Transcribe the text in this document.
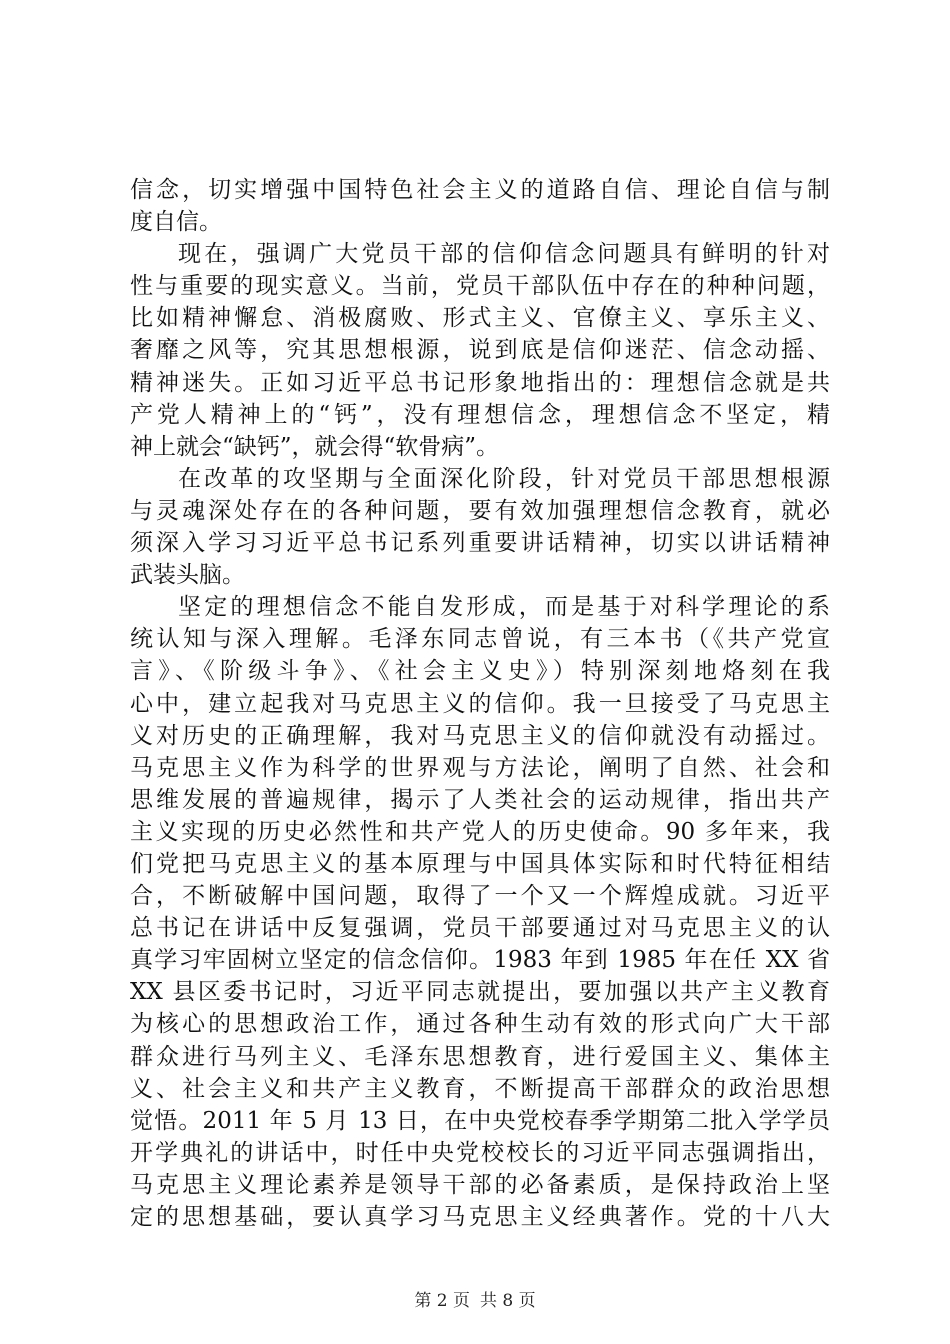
信念，切实增强中国特色社会主义的道路自信、理论自信与制
度自信。
现在，强调广大党员干部的信仰信念问题具有鲜明的针对
性与重要的现实意义。当前，党员干部队伍中存在的种种问题，
比如精神懈怠、消极腐败、形式主义、官僚主义、享乐主义、
奢靡之风等，究其思想根源，说到底是信仰迷茫、信念动摇、
精神迷失。正如习近平总书记形象地指出的：理想信念就是共
产党人精神上的“钙”，没有理想信念，理想信念不坚定，精
神上就会“缺钙”，就会得“软骨病”。
在改革的攻坚期与全面深化阶段，针对党员干部思想根源
与灵魂深处存在的各种问题，要有效加强理想信念教育，就必
须深入学习习近平总书记系列重要讲话精神，切实以讲话精神
武装头脑。
坚定的理想信念不能自发形成，而是基于对科学理论的系
统认知与深入理解。毛泽东同志曾说，有三本书（《共产党宣
言》、《阶级斗争》、《社会主义史》）特别深刻地烙刻在我
心中，建立起我对马克思主义的信仰。我一旦接受了马克思主
义对历史的正确理解，我对马克思主义的信仰就没有动摇过。
马克思主义作为科学的世界观与方法论，阐明了自然、社会和
思维发展的普遍规律，揭示了人类社会的运动规律，指出共产
主义实现的历史必然性和共产党人的历史使命。90 多年来，我
们党把马克思主义的基本原理与中国具体实际和时代特征相结
合，不断破解中国问题，取得了一个又一个辉煌成就。习近平
总书记在讲话中反复强调，党员干部要通过对马克思主义的认
真学习牢固树立坚定的信念信仰。1983 年到 1985 年在任 XX 省
XX 县区委书记时，习近平同志就提出，要加强以共产主义教育
为核心的思想政治工作，通过各种生动有效的形式向广大干部
群众进行马列主义、毛泽东思想教育，进行爱国主义、集体主
义、社会主义和共产主义教育，不断提高干部群众的政治思想
觉悟。2011 年 5 月 13 日，在中央党校春季学期第二批入学学员
开学典礼的讲话中，时任中央党校校长的习近平同志强调指出，
马克思主义理论素养是领导干部的必备素质，是保持政治上坚
定的思想基础，要认真学习马克思主义经典著作。党的十八大
第 2 页 共 8 页
